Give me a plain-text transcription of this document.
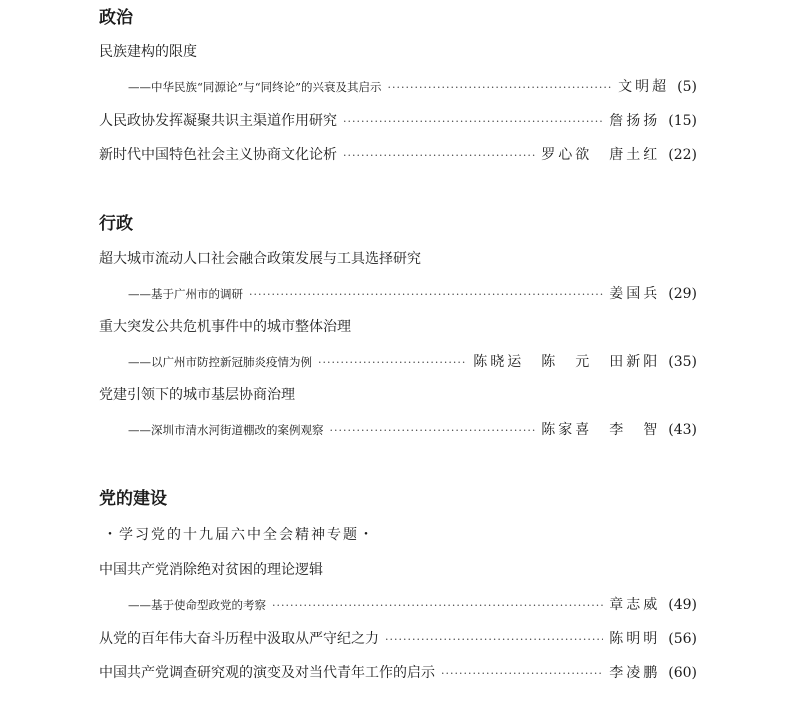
政治
民族建构的限度
——中华民族“同源论”与“同终论”的兴衰及其启示 ·····	文明超 (5)
人民政协发挥凝聚共识主渠道作用研究 ·····	詹扬扬 (15)
新时代中国特色社会主义协商文化论析 ·····	罗心欲　唐土红 (22)
行政
超大城市流动人口社会融合政策发展与工具选择研究
——基于广州市的调研 ·····	姜国兵 (29)
重大突发公共危机事件中的城市整体治理
——以广州市防控新冠肺炎疫情为例 ·····	陈晓运　陈　元　田新阳 (35)
党建引领下的城市基层协商治理
——深圳市清水河街道棚改的案例观察 ·····	陈家喜　李　智 (43)
党的建设
・学习党的十九届六中全会精神专题・
中国共产党消除绝对贫困的理论逻辑
——基于使命型政党的考察 ·····	章志威 (49)
从党的百年伟大奋斗历程中汲取从严守纪之力 ·····	陈明明 (56)
中国共产党调查研究观的演变及对当代青年工作的启示 ·····	李凌鹏 (60)
